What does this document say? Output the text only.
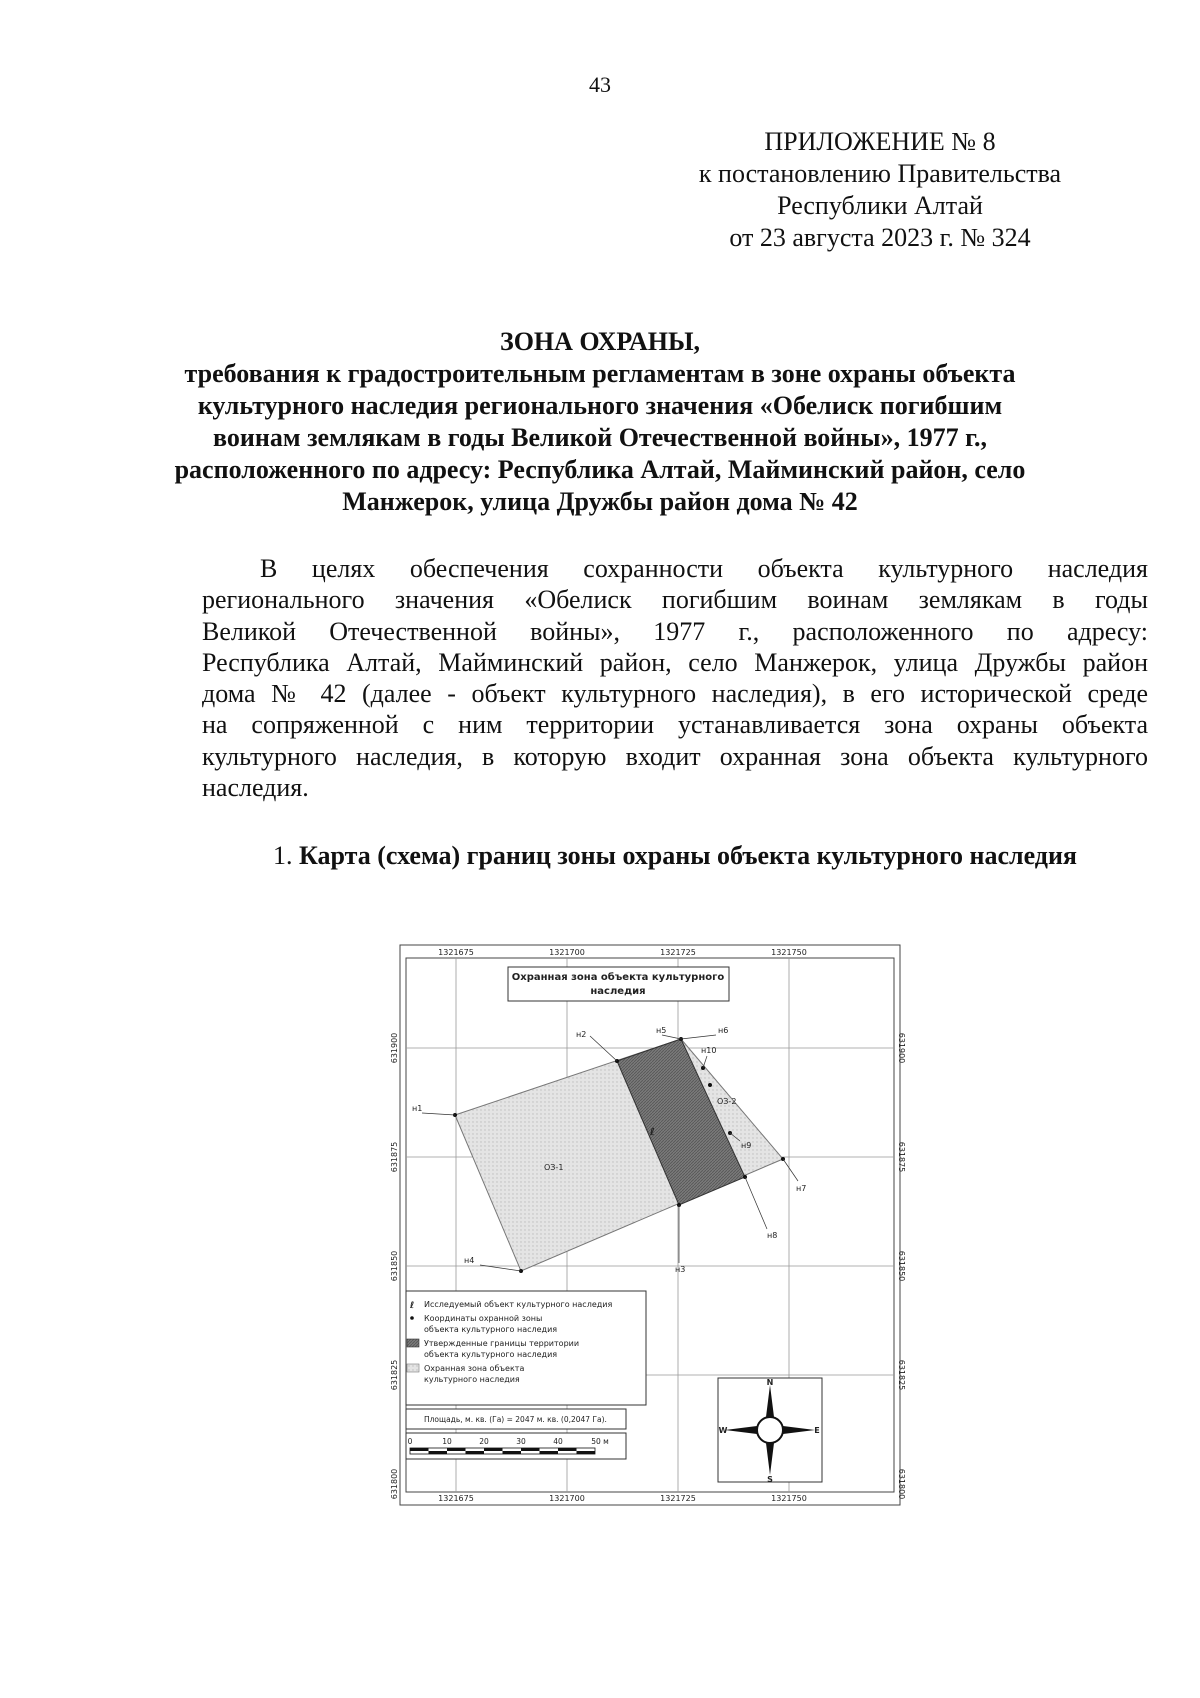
43
ПРИЛОЖЕНИЕ № 8
к постановлению Правительства
Республики Алтай
от 23 августа 2023 г. № 324
ЗОНА ОХРАНЫ,
требования к градостроительным регламентам в зоне охраны объекта
культурного наследия регионального значения «Обелиск погибшим
воинам землякам в годы Великой Отечественной войны», 1977 г.,
расположенного по адресу: Республика Алтай, Майминский район, село
Манжерок, улица Дружбы район дома № 42
В целях обеспечения сохранности объекта культурного наследия
регионального значения «Обелиск погибшим воинам землякам в годы
Великой Отечественной войны», 1977 г., расположенного по адресу:
Республика Алтай, Майминский район, село Манжерок, улица Дружбы район
дома № 42 (далее - объект культурного наследия), в его исторической среде
на сопряженной с ним территории устанавливается зона охраны объекта
культурного наследия, в которую входит охранная зона объекта культурного
наследия.
1. Карта (схема) границ зоны охраны объекта культурного наследия
1321675	1321700	1321725	1321750
1321675	1321700	1321725	1321750
631900
631875
631850
631825
631800
631900
631875
631850
631825
631800
Охранная зона объекта культурного
наследия
н1
н2
н3
н4
н5	н6
н7
н8
н9
н10
ОЗ-1
ОЗ-2
ℓ
ℓ Исследуемый объект культурного наследия
Координаты охранной зоны
объекта культурного наследия
Утвержденные границы территории
объекта культурного наследия
Охранная зона объекта
культурного наследия
Площадь, м. кв. (Га) = 2047 м. кв. (0,2047 Га).
0	10	20	30	40	50 м
N
S
W	E
